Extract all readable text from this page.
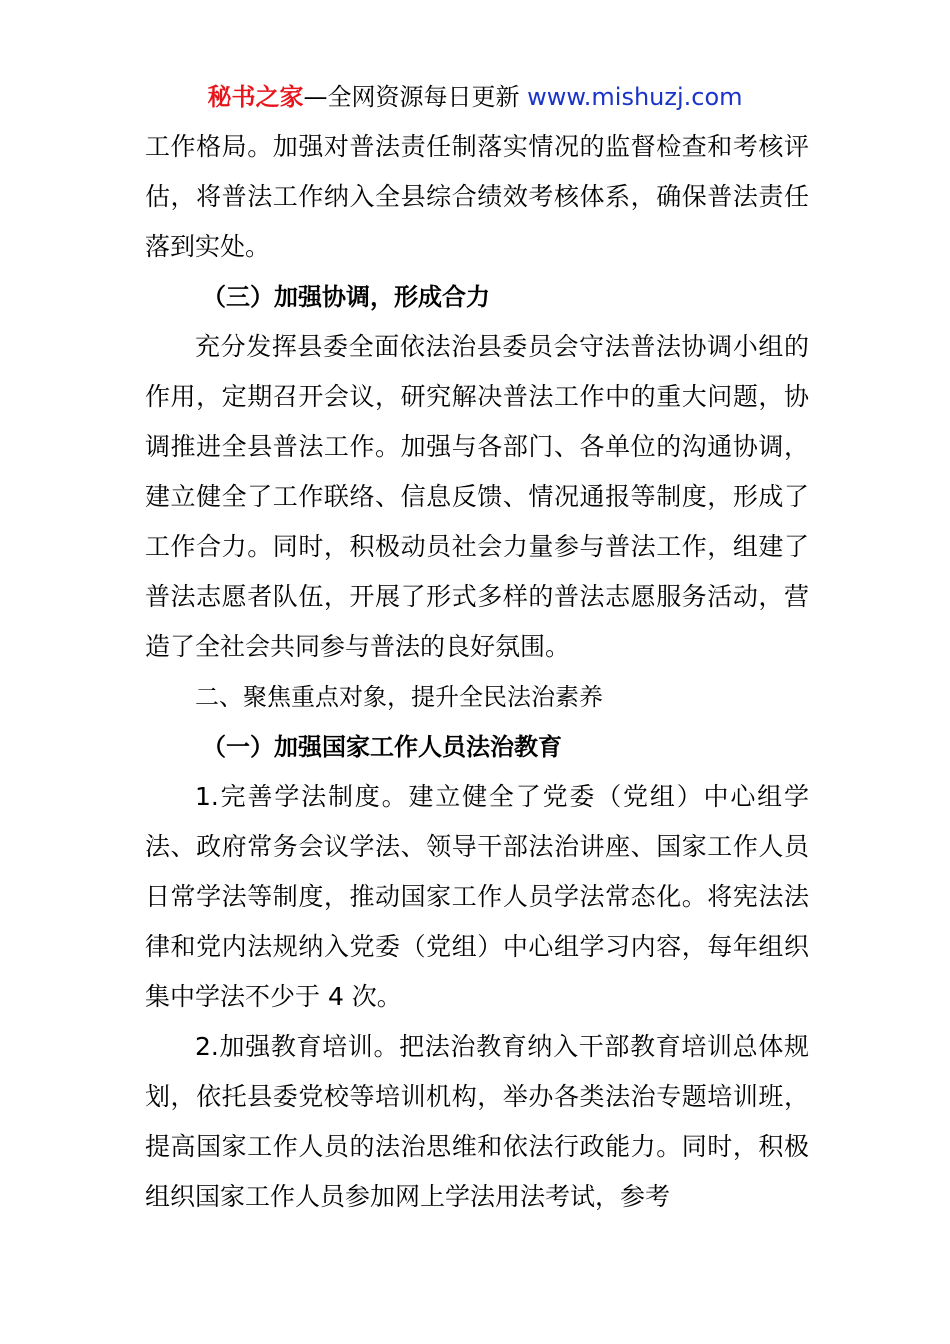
秘书之家—全网资源每日更新 www.mishuzj.com

工作格局。加强对普法责任制落实情况的监督检查和考核评估，将普法工作纳入全县综合绩效考核体系，确保普法责任落到实处。

（三）加强协调，形成合力

充分发挥县委全面依法治县委员会守法普法协调小组的作用，定期召开会议，研究解决普法工作中的重大问题，协调推进全县普法工作。加强与各部门、各单位的沟通协调，建立健全了工作联络、信息反馈、情况通报等制度，形成了工作合力。同时，积极动员社会力量参与普法工作，组建了普法志愿者队伍，开展了形式多样的普法志愿服务活动，营造了全社会共同参与普法的良好氛围。

二、聚焦重点对象，提升全民法治素养

（一）加强国家工作人员法治教育

1.完善学法制度。建立健全了党委（党组）中心组学法、政府常务会议学法、领导干部法治讲座、国家工作人员日常学法等制度，推动国家工作人员学法常态化。将宪法法律和党内法规纳入党委（党组）中心组学习内容，每年组织集中学法不少于 4 次。

2.加强教育培训。把法治教育纳入干部教育培训总体规划，依托县委党校等培训机构，举办各类法治专题培训班，提高国家工作人员的法治思维和依法行政能力。同时，积极组织国家工作人员参加网上学法用法考试，参考
